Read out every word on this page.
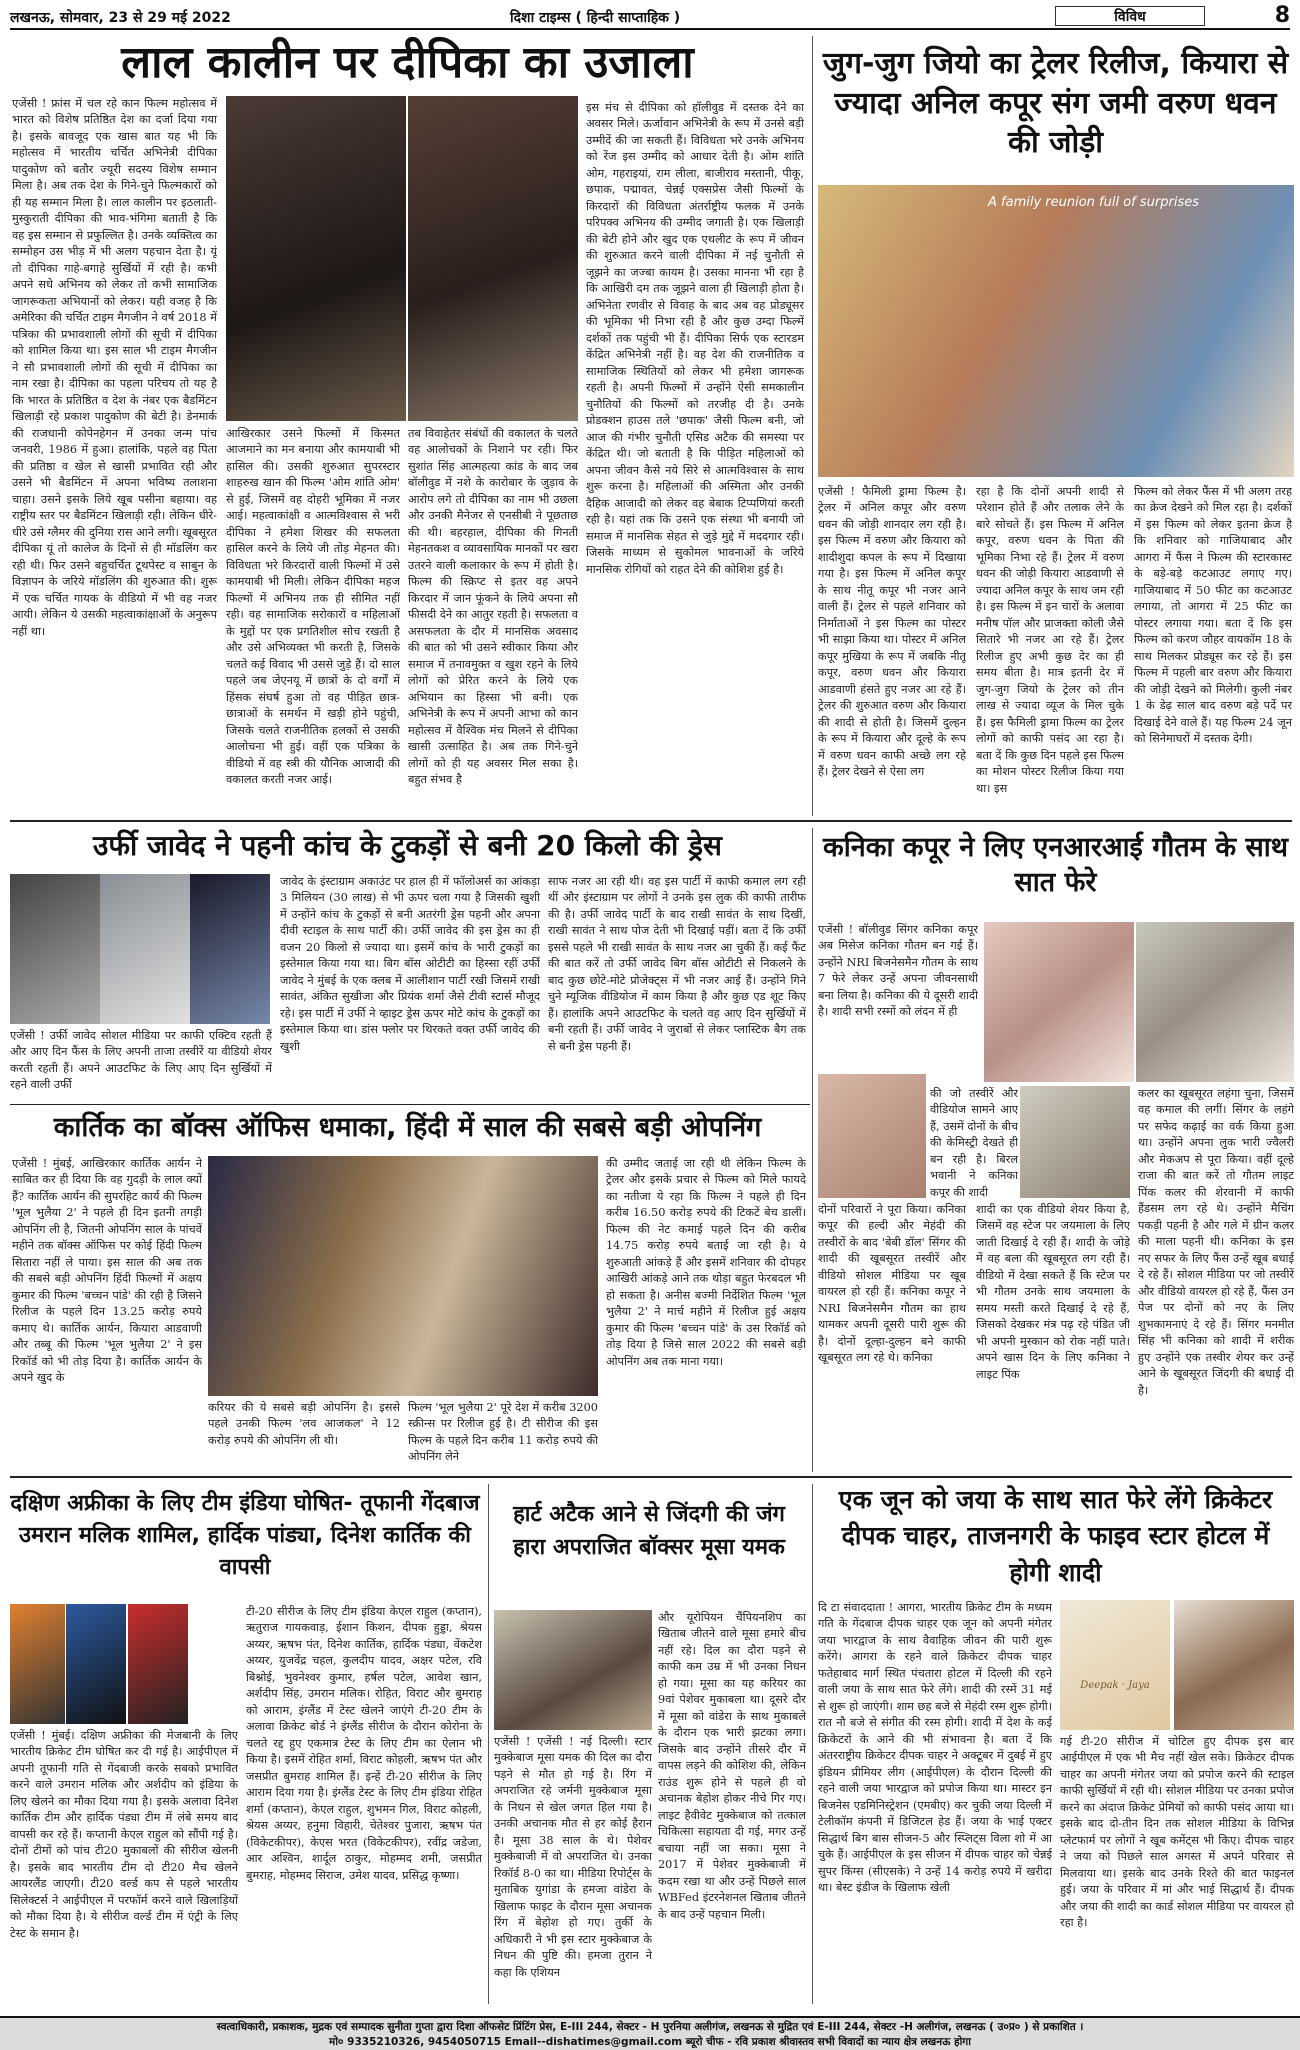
लखनऊ, सोमवार, 23 से 29 मई 2022	दिशा टाइम्स ( हिन्दी साप्ताहिक )	विविध	8
लाल कालीन पर दीपिका का उजाला
एजेंसी ! फ्रांस में चल रहे कान फिल्म महोत्सव में भारत को विशेष प्रतिष्ठित देश का दर्जा दिया गया है। इसके बावजूद एक खास बात यह भी कि महोत्सव में भारतीय चर्चित अभिनेत्री दीपिका पादुकोण को बतौर ज्यूरी सदस्य विशेष सम्मान मिला है। अब तक देश के गिने-चुने फिल्मकारों को ही यह सम्मान मिला है। लाल कालीन पर इठलाती-मुस्कुराती दीपिका की भाव-भंगिमा बताती है कि वह इस सम्मान से प्रफुल्लित है। उनके व्यक्तित्व का सम्मोहन उस भीड़ में भी अलग पहचान देता है। यूं तो दीपिका गाहे-बगाहे सुर्खियों में रही है। कभी अपने सधे अभिनय को लेकर तो कभी सामाजिक जागरूकता अभियानों को लेकर। यही वजह है कि अमेरिका की चर्चित टाइम मैगजीन ने वर्ष 2018 में पत्रिका की प्रभावशाली लोगों की सूची में दीपिका को शामिल किया था। इस साल भी टाइम मैगजीन ने सौ प्रभावशाली लोगों की सूची में दीपिका का नाम रखा है। दीपिका का पहला परिचय तो यह है कि भारत के प्रतिष्ठित व देश के नंबर एक बैडमिंटन खिलाड़ी रहे प्रकाश पादुकोण की बेटी है। डेनमार्क की राजधानी कोपेनहेगन में उनका जन्म पांच जनवरी, 1986 में हुआ। हालांकि, पहले वह पिता की प्रतिष्ठा व खेल से खासी प्रभावित रही और उसने भी बैडमिंटन में अपना भविष्य तलाशना चाहा। उसने इसके लिये खूब पसीना बहाया। वह राष्ट्रीय स्तर पर बैडमिंटन खिलाड़ी रही। लेकिन धीरे-धीरे उसे ग्लैमर की दुनिया रास आने लगी। खूबसूरत दीपिका यूं तो कालेज के दिनों से ही मॉडलिंग कर रही थी। फिर उसने बहुचर्चित टूथपेस्ट व साबुन के विज्ञापन के जरिये मॉडलिंग की शुरुआत की। शुरू में एक चर्चित गायक के वीडियो में भी वह नजर आयी। लेकिन ये उसकी महत्वाकांक्षाओं के अनुरूप नहीं था।
आखिरकार उसने फिल्मों में किस्मत आजमाने का मन बनाया और कामयाबी भी हासिल की। उसकी शुरुआत सुपरस्टार शाहरुख खान की फिल्म 'ओम शांति ओम' से हुई, जिसमें वह दोहरी भूमिका में नजर आई। महत्वाकांक्षी व आत्मविश्वास से भरी दीपिका ने हमेशा शिखर की सफलता हासिल करने के लिये जी तोड़ मेहनत की। विविधता भरे किरदारों वाली फिल्मों में उसे कामयाबी भी मिली। लेकिन दीपिका महज फिल्मों में अभिनय तक ही सीमित नहीं रही। वह सामाजिक सरोकारों व महिलाओं के मुद्दों पर एक प्रगतिशील सोच रखती है और उसे अभिव्यक्त भी करती है, जिसके चलते कई विवाद भी उससे जुड़े हैं। दो साल पहले जब जेएनयू में छात्रों के दो वर्गों में हिंसक संघर्ष हुआ तो वह पीड़ित छात्र-छात्राओं के समर्थन में खड़ी होने पहुंची, जिसके चलते राजनीतिक हलकों से उसकी आलोचना भी हुई। वहीं एक पत्रिका के वीडियो में वह स्त्री की यौनिक आजादी की वकालत करती नजर आई।
तब विवाहेतर संबंधों की वकालत के चलते वह आलोचकों के निशाने पर रही। फिर सुशांत सिंह आत्महत्या कांड के बाद जब बॉलीवुड में नशे के कारोबार के जुड़ाव के आरोप लगे तो दीपिका का नाम भी उछला और उनकी मैनेजर से एनसीबी ने पूछताछ की थी। बहरहाल, दीपिका की गिनती मेहनतकश व व्यावसायिक मानकों पर खरा उतरने वाली कलाकार के रूप में होती है। फिल्म की स्क्रिप्ट से इतर वह अपने किरदार में जान फूंकने के लिये अपना सौ फीसदी देने का आतुर रहती है। सफलता व असफलता के दौर में मानसिक अवसाद की बात को भी उसने स्वीकार किया और समाज में तनावमुक्त व खुश रहने के लिये लोगों को प्रेरित करने के लिये एक अभियान का हिस्सा भी बनी। एक अभिनेत्री के रूप में अपनी आभा को कान महोत्सव में वैश्विक मंच मिलने से दीपिका खासी उत्साहित है। अब तक गिने-चुने लोगों को ही यह अवसर मिल सका है। बहुत संभव है
इस मंच से दीपिका को हॉलीवुड में दस्तक देने का अवसर मिले। ऊर्जावान अभिनेत्री के रूप में उनसे बड़ी उम्मीदें की जा सकती हैं। विविधता भरे उनके अभिनय को रेंज इस उम्मीद को आधार देती है। ओम शांति ओम, गहराइयां, राम लीला, बाजीराव मस्तानी, पीकू, छपाक, पद्मावत, चेन्नई एक्सप्रेस जैसी फिल्मों के किरदारों की विविधता अंतर्राष्ट्रीय फलक में उनके परिपक्व अभिनय की उम्मीद जगाती है। एक खिलाड़ी की बेटी होने और खुद एक एथलीट के रूप में जीवन की शुरुआत करने वाली दीपिका में नई चुनौती से जूझने का जज्बा कायम है। उसका मानना भी रहा है कि आखिरी दम तक जूझने वाला ही खिलाड़ी होता है। अभिनेता रणवीर से विवाह के बाद अब वह प्रोड्यूसर की भूमिका भी निभा रही है और कुछ उम्दा फिल्में दर्शकों तक पहुंची भी हैं। दीपिका सिर्फ एक स्टारडम केंद्रित अभिनेत्री नहीं है। वह देश की राजनीतिक व सामाजिक स्थितियों को लेकर भी हमेशा जागरूक रहती है। अपनी फिल्मों में उन्होंने ऐसी समकालीन चुनौतियों की फिल्मों को तरजीह दी है। उनके प्रोडक्शन हाउस तले 'छपाक' जैसी फिल्म बनी, जो आज की गंभीर चुनौती एसिड अटैक की समस्या पर केंद्रित थी। जो बताती है कि पीड़ित महिलाओं को अपना जीवन कैसे नये सिरे से आत्मविश्वास के साथ शुरू करना है। महिलाओं की अस्मिता और उनकी दैहिक आजादी को लेकर वह बेबाक टिप्पणियां करती रही है। यहां तक कि उसने एक संस्था भी बनायी जो समाज में मानसिक सेहत से जुड़े मुद्दे में मददगार रही। जिसके माध्यम से सुकोमल भावनाओं के जरिये मानसिक रोगियों को राहत देने की कोशिश हुई है।
जुग-जुग जियो का ट्रेलर रिलीज, कियारा से ज्यादा अनिल कपूर संग जमी वरुण धवन की जोड़ी
A family reunion full of surprises
एजेंसी ! फैमिली ड्रामा फिल्म है। ट्रेलर में अनिल कपूर और वरुण धवन की जोड़ी शानदार लग रही है। इस फिल्म में वरुण और कियारा को शादीशुदा कपल के रूप में दिखाया गया है। इस फिल्म में अनिल कपूर के साथ नीतू कपूर भी नजर आने वाली हैं। ट्रेलर से पहले शनिवार को निर्माताओं ने इस फिल्म का पोस्टर भी साझा किया था। पोस्टर में अनिल कपूर मुखिया के रूप में जबकि नीतू कपूर, वरुण धवन और कियारा आडवाणी हंसते हुए नजर आ रहे हैं। ट्रेलर की शुरुआत वरुण और कियारा की शादी से होती है। जिसमें दुल्हन के रूप में कियारा और दूल्हे के रूप में वरुण धवन काफी अच्छे लग रहे हैं। ट्रेलर देखने से ऐसा लग
रहा है कि दोनों अपनी शादी से परेशान होते हैं और तलाक लेने के बारे सोचते हैं। इस फिल्म में अनिल कपूर, वरुण धवन के पिता की भूमिका निभा रहे हैं। ट्रेलर में वरुण धवन की जोड़ी कियारा आडवाणी से ज्यादा अनिल कपूर के साथ जम रही है। इस फिल्म में इन चारों के अलावा मनीष पॉल और प्राजक्ता कोली जैसे सितारे भी नजर आ रहे हैं। ट्रेलर रिलीज हुए अभी कुछ देर का ही समय बीता है। मात्र इतनी देर में जुग-जुग जियो के ट्रेलर को तीन लाख से ज्यादा व्यूज के मिल चुके हैं। इस फैमिली ड्रामा फिल्म का ट्रेलर लोगों को काफी पसंद आ रहा है। बता दें कि कुछ दिन पहले इस फिल्म का मोशन पोस्टर रिलीज किया गया था। इस
फिल्म को लेकर फैंस में भी अलग तरह का क्रेज देखने को मिल रहा है। दर्शकों में इस फिल्म को लेकर इतना क्रेज है कि शनिवार को गाजियाबाद और आगरा में फैंस ने फिल्म की स्टारकास्ट के बड़े-बड़े कटआउट लगाए गए। गाजियाबाद में 50 फीट का कटआउट लगाया, तो आगरा में 25 फीट का पोस्टर लगाया गया। बता दें कि इस फिल्म को करण जौहर वायकॉम 18 के साथ मिलकर प्रोड्यूस कर रहे हैं। इस फिल्म में पहली बार वरुण और कियारा की जोड़ी देखने को मिलेगी। कुली नंबर 1 के डेढ़ साल बाद वरुण बड़े पर्दे पर दिखाई देने वाले हैं। यह फिल्म 24 जून को सिनेमाघरों में दस्तक देगी।
उर्फी जावेद ने पहनी कांच के टुकड़ों से बनी 20 किलो की ड्रेस
एजेंसी ! उर्फी जावेद सोशल मीडिया पर काफी एक्टिव रहती हैं और आए दिन फैंस के लिए अपनी ताजा तस्वीरें या वीडियो शेयर करती रहती हैं। अपने आउटफिट के लिए आए दिन सुर्खियों में रहने वाली उर्फी
जावेद के इंस्टाग्राम अकाउंट पर हाल ही में फॉलोअर्स का आंकड़ा 3 मिलियन (30 लाख) से भी ऊपर चला गया है जिसकी खुशी में उन्होंने कांच के टुकड़ों से बनी अतरंगी ड्रेस पहनी और अपना दीवी स्टाइल के साथ पार्टी की। उर्फी जावेद की इस ड्रेस का ही वजन 20 किलो से ज्यादा था। इसमें कांच के भारी टुकड़ों का इस्तेमाल किया गया था। बिग बॉस ओटीटी का हिस्सा रहीं उर्फी जावेद ने मुंबई के एक क्लब में आलीशान पार्टी रखी जिसमें राखी सावंत, अंकित सुखीजा और प्रियंक शर्मा जैसे टीवी स्टार्स मौजूद रहे। इस पार्टी में उर्फी ने व्हाइट ड्रेस ऊपर मोटे कांच के टुकड़ों का इस्तेमाल किया था। डांस फ्लोर पर थिरकते वक्त उर्फी जावेद की खुशी
साफ नजर आ रही थी। वह इस पार्टी में काफी कमाल लग रही थीं और इंस्टाग्राम पर लोगों ने उनके इस लुक की काफी तारीफ की है। उर्फी जावेद पार्टी के बाद राखी सावंत के साथ दिखीं, राखी सावंत ने साथ पोज देती भी दिखाई पड़ीं। बता दें कि उर्फी इससे पहले भी राखी सावंत के साथ नजर आ चुकी हैं। कई फैंट की बात करें तो उर्फी जावेद बिग बॉस ओटीटी से निकलने के बाद कुछ छोटे-मोटे प्रोजेक्ट्स में भी नजर आई हैं। उन्होंने गिने चुने म्यूजिक वीडियोज में काम किया है और कुछ एड शूट किए हैं। हालांकि अपने आउटफिट के चलते वह आए दिन सुर्खियों में बनी रहती हैं। उर्फी जावेद ने जुराबों से लेकर प्लास्टिक बैग तक से बनी ड्रेस पहनी हैं।
कनिका कपूर ने लिए एनआरआई गौतम के साथ सात फेरे
एजेंसी ! बॉलीवुड सिंगर कनिका कपूर अब मिसेज कनिका गौतम बन गई हैं। उन्होंने NRI बिजनेसमैन गौतम के साथ 7 फेरे लेकर उन्हें अपना जीवनसाथी बना लिया है। कनिका की ये दूसरी शादी है। शादी सभी रस्मों को लंदन में ही
की जो तस्वीरें और वीडियोज सामने आए हैं, उसमें दोनों के बीच की केमिस्ट्री देखते ही बन रही है। बिरल भवानी ने कनिका कपूर की शादी
दोनों परिवारों ने पूरा किया। कनिका कपूर की हल्दी और मेहंदी की तस्वीरों के बाद 'बेबी डॉल' सिंगर की शादी की खूबसूरत तस्वीरें और वीडियो सोशल मीडिया पर खूब वायरल हो रही हैं। कनिका कपूर ने NRI बिजनेसमैन गौतम का हाथ थामकर अपनी दूसरी पारी शुरू की है। दोनों दूल्हा-दुल्हन बने काफी खूबसूरत लग रहे थे। कनिका
शादी का एक वीडियो शेयर किया है, जिसमें वह स्टेज पर जयमाला के लिए जाती दिखाई दे रही हैं। शादी के जोड़े में वह बला की खूबसूरत लग रही हैं। वीडियो में देखा सकते हैं कि स्टेज पर भी गौतम उनके साथ जयमाला के समय मस्ती करते दिखाई दे रहे हैं, जिसको देखकर मंत्र पढ़ रहे पंडित जी भी अपनी मुस्कान को रोक नहीं पाते। अपने खास दिन के लिए कनिका ने लाइट पिंक
कलर का खूबसूरत लहंगा चुना, जिसमें वह कमाल की लगीं। सिंगर के लहंगे पर सफेद कढ़ाई का वर्क किया हुआ था। उन्होंने अपना लुक भारी ज्वैलरी और मेकअप से पूरा किया। वहीं दूल्हे राजा की बात करें तो गौतम लाइट पिंक कलर की शेरवानी में काफी हैंडसम लग रहे थे। उन्होंने मैचिंग पकड़ी पहनी है और गले में ग्रीन कलर की माला पहनी थी। कनिका के इस नए सफर के लिए फैंस उन्हें खूब बधाई दे रहे हैं। सोशल मीडिया पर जो तस्वीरें और वीडियो वायरल हो रहे हैं, फैंस उन पेज पर दोनों को नए के लिए शुभकामनाएं दे रहे हैं। सिंगर मनमीत सिंह भी कनिका को शादी में शरीक हुए उन्होंने एक तस्वीर शेयर कर उन्हें आने के खूबसूरत जिंदगी की बधाई दी है।
कार्तिक का बॉक्स ऑफिस धमाका, हिंदी में साल की सबसे बड़ी ओपनिंग
एजेंसी ! मुंबई, आखिरकार कार्तिक आर्यन ने साबित कर ही दिया कि वह गुदड़ी के लाल क्यों हैं? कार्तिक आर्यन की सुपरहिट कार्य की फिल्म 'भूल भुलैया 2' ने पहले ही दिन इतनी तगड़ी ओपनिंग ली है, जितनी ओपनिंग साल के पांचवें महीने तक बॉक्स ऑफिस पर कोई हिंदी फिल्म सितारा नहीं ले पाया। इस साल की अब तक की सबसे बड़ी ओपनिंग हिंदी फिल्मों में अक्षय कुमार की फिल्म 'बच्चन पांडे' की रही है जिसने रिलीज के पहले दिन 13.25 करोड़ रुपये कमाए थे। कार्तिक आर्यन, कियारा आडवाणी और तब्बू की फिल्म 'भूल भुलैया 2' ने इस रिकॉर्ड को भी तोड़ दिया है। कार्तिक आर्यन के अपने खुद के
करियर की ये सबसे बड़ी ओपनिंग है। इससे पहले उनकी फिल्म 'लव आजकल' ने 12 करोड़ रुपये की ओपनिंग ली थी।
फिल्म 'भूल भुलैया 2' पूरे देश में करीब 3200 स्क्रीन्स पर रिलीज हुई है। टी सीरीज की इस फिल्म के पहले दिन करीब 11 करोड़ रुपये की ओपनिंग लेने
की उम्मीद जताई जा रही थी लेकिन फिल्म के ट्रेलर और इसके प्रचार से फिल्म को मिले फायदे का नतीजा ये रहा कि फिल्म ने पहले ही दिन करीब 16.50 करोड़ रुपये की टिकटें बेच डालीं। फिल्म की नेट कमाई पहले दिन की करीब 14.75 करोड़ रुपये बताई जा रही है। ये शुरुआती आंकड़े हैं और इसमें शनिवार की दोपहर आखिरी आंकड़े आने तक थोड़ा बहुत फेरबदल भी हो सकता है। अनीस बज्मी निर्देशित फिल्म 'भूल भुलैया 2' ने मार्च महीने में रिलीज हुई अक्षय कुमार की फिल्म 'बच्चन पांडे' के उस रिकॉर्ड को तोड़ दिया है जिसे साल 2022 की सबसे बड़ी ओपनिंग अब तक माना गया।
दक्षिण अफ्रीका के लिए टीम इंडिया घोषित- तूफानी गेंदबाज उमरान मलिक शामिल, हार्दिक पांड्या, दिनेश कार्तिक की वापसी
एजेंसी ! मुंबई। दक्षिण अफ्रीका की मेजबानी के लिए भारतीय क्रिकेट टीम घोषित कर दी गई है। आईपीएल में अपनी तूफानी गति से गेंदबाजी करके सबको प्रभावित करने वाले उमरान मलिक और अर्शदीप को इंडिया के लिए खेलने का मौका दिया गया है। इसके अलावा दिनेश कार्तिक टीम और हार्दिक पंड्या टीम में लंबे समय बाद वापसी कर रहे हैं। कप्तानी केएल राहुल को सौंपी गई है। दोनों टीमों को पांच टी20 मुकाबलों की सीरीज खेलनी है। इसके बाद भारतीय टीम दो टी20 मैच खेलने आयरलैंड जाएगी। टी20 वर्ल्ड कप से पहले भारतीय सिलेक्टर्स ने आईपीएल में परफॉर्म करने वाले खिलाड़ियों को मौका दिया है। ये सीरीज वर्ल्ड टीम में एंट्री के लिए टेस्ट के समान है।
टी-20 सीरीज के लिए टीम इंडिया केएल राहुल (कप्तान), ऋतुराज गायकवाड़, ईशान किशन, दीपक हुड्डा, श्रेयस अय्यर, ऋषभ पंत, दिनेश कार्तिक, हार्दिक पंड्या, वेंकटेश अय्यर, युजवेंद्र चहल, कुलदीप यादव, अक्षर पटेल, रवि बिश्नोई, भुवनेश्वर कुमार, हर्षल पटेल, आवेश खान, अर्शदीप सिंह, उमरान मलिक। रोहित, विराट और बुमराह को आराम, इंग्लैंड में टेस्ट खेलने जाएंगे टी-20 टीम के अलावा क्रिकेट बोर्ड ने इंग्लैंड सीरीज के दौरान कोरोना के चलते रद्द हुए एकमात्र टेस्ट के लिए टीम का ऐलान भी किया है। इसमें रोहित शर्मा, विराट कोहली, ऋषभ पंत और जसप्रीत बुमराह शामिल हैं। इन्हें टी-20 सीरीज के लिए आराम दिया गया है। इंग्लैंड टेस्ट के लिए टीम इंडिया रोहित शर्मा (कप्तान), केएल राहुल, शुभमन गिल, विराट कोहली, श्रेयस अय्यर, हनुमा विहारी, चेतेश्वर पुजारा, ऋषभ पंत (विकेटकीपर), केएस भरत (विकेटकीपर), रवींद्र जडेजा, आर अश्विन, शार्दूल ठाकुर, मोहम्मद शमी, जसप्रीत बुमराह, मोहम्मद सिराज, उमेश यादव, प्रसिद्ध कृष्णा।
हार्ट अटैक आने से जिंदगी की जंग हारा अपराजित बॉक्सर मूसा यमक
एजेंसी ! एजेंसी ! नई दिल्ली। स्टार मुक्केबाज मूसा यमक की दिल का दौरा पड़ने से मौत हो गई है। रिंग में अपराजित रहे जर्मनी मुक्केबाज मूसा के निधन से खेल जगत हिल गया है। उनकी अचानक मौत से हर कोई हैरान है। मूसा 38 साल के थे। पेशेवर मुक्केबाजी में वो अपराजित थे। उनका रिकॉर्ड 8-0 का था। मीडिया रिपोर्ट्स के मुताबिक युगांडा के हमजा वांडेरा के खिलाफ फाइट के दौरान मूसा अचानक रिंग में बेहोश हो गए। तुर्की के अधिकारी ने भी इस स्टार मुक्केबाज के निधन की पुष्टि की। हमजा तुरान ने कहा कि एशियन
और यूरोपियन चैंपियनशिप का खिताब जीतने वाले मूसा हमारे बीच नहीं रहे। दिल का दौरा पड़ने से काफी कम उम्र में भी उनका निधन हो गया। मूसा का यह करियर का 9वां पेशेवर मुकाबला था। दूसरे दौर में मूसा को वांडेरा के साथ मुकाबले के दौरान एक भारी झटका लगा। जिसके बाद उन्होंने तीसरे दौर में वापस लड़ने की कोशिश की, लेकिन राउंड शुरू होने से पहले ही वो अचानक बेहोश होकर नीचे गिर गए। लाइट हैवीवेट मुक्केबाज को तत्काल चिकित्सा सहायता दी गई, मगर उन्हें बचाया नहीं जा सका। मूसा ने 2017 में पेशेवर मुक्केबाजी में कदम रखा था और उन्हें पिछले साल WBFed इंटरनेशनल खिताब जीतने के बाद उन्हें पहचान मिली।
एक जून को जया के साथ सात फेरे लेंगे क्रिकेटर दीपक चाहर, ताजनगरी के फाइव स्टार होटल में होगी शादी
दि टा संवाददाता ! आगरा, भारतीय क्रिकेट टीम के मध्यम गति के गेंदबाज दीपक चाहर एक जून को अपनी मंगेतर जया भारद्वाज के साथ वैवाहिक जीवन की पारी शुरू करेंगे। आगरा के रहने वाले क्रिकेटर दीपक चाहर फतेहाबाद मार्ग स्थित पंचतारा होटल में दिल्ली की रहने वाली जया के साथ सात फेरे लेंगे। शादी की रस्में 31 मई से शुरू हो जाएंगी। शाम छह बजे से मेहंदी रस्म शुरू होगी। रात नौ बजे से संगीत की रस्म होगी। शादी में देश के कई क्रिकेटरों के आने की भी संभावना है। बता दें कि अंतरराष्ट्रीय क्रिकेटर दीपक चाहर ने अक्टूबर में दुबई में हुए इंडियन प्रीमियर लीग (आईपीएल) के दौरान दिल्ली की रहने वाली जया भारद्वाज को प्रपोज किया था। मास्टर इन बिजनेस एडमिनिस्ट्रेशन (एमबीए) कर चुकी जया दिल्ली में टेलीकॉम कंपनी में डिजिटल हेड हैं। जया के भाई एक्टर सिद्धार्थ बिग बास सीजन-5 और स्प्लिट्स विला शो में आ चुके हैं। आईपीएल के इस सीजन में दीपक चाहर को चेन्नई सुपर किंग्स (सीएसके) ने उन्हें 14 करोड़ रुपये में खरीदा था। बेस्ट इंडीज के खिलाफ खेली
Deepak · Jaya
गई टी-20 सीरीज में चोटिल हुए दीपक इस बार आईपीएल में एक भी मैच नहीं खेल सके। क्रिकेटर दीपक चाहर का अपनी मंगेतर जया को प्रपोज करने की स्टाइल काफी सुर्खियों में रही थी। सोशल मीडिया पर उनका प्रपोज करने का अंदाज क्रिकेट प्रेमियों को काफी पसंद आया था। इसके बाद दो-तीन दिन तक सोशल मीडिया के विभिन्न प्लेटफार्म पर लोगों ने खूब कमेंट्स भी किए। दीपक चाहर ने जया को पिछले साल अगस्त में अपने परिवार से मिलवाया था। इसके बाद उनके रिश्ते की बात फाइनल हुई। जया के परिवार में मां और भाई सिद्धार्थ हैं। दीपक और जया की शादी का कार्ड सोशल मीडिया पर वायरल हो रहा है।
स्वत्वाधिकारी, प्रकाशक, मुद्रक एवं सम्पादक सुनीता गुप्ता द्वारा दिशा ऑफसेट प्रिंटिंग प्रेस, E-III 244, सेक्टर - H पुरनिया अलीगंज, लखनऊ से मुद्रित एवं E-III 244, सेक्टर -H अलीगंज, लखनऊ ( उ०प्र० ) से प्रकाशित ।
मो० 9335210326, 9454050715 Email--dishatimes@gmail.com ब्यूरो चीफ - रवि प्रकाश श्रीवास्तव सभी विवादों का न्याय क्षेत्र लखनऊ होगा
